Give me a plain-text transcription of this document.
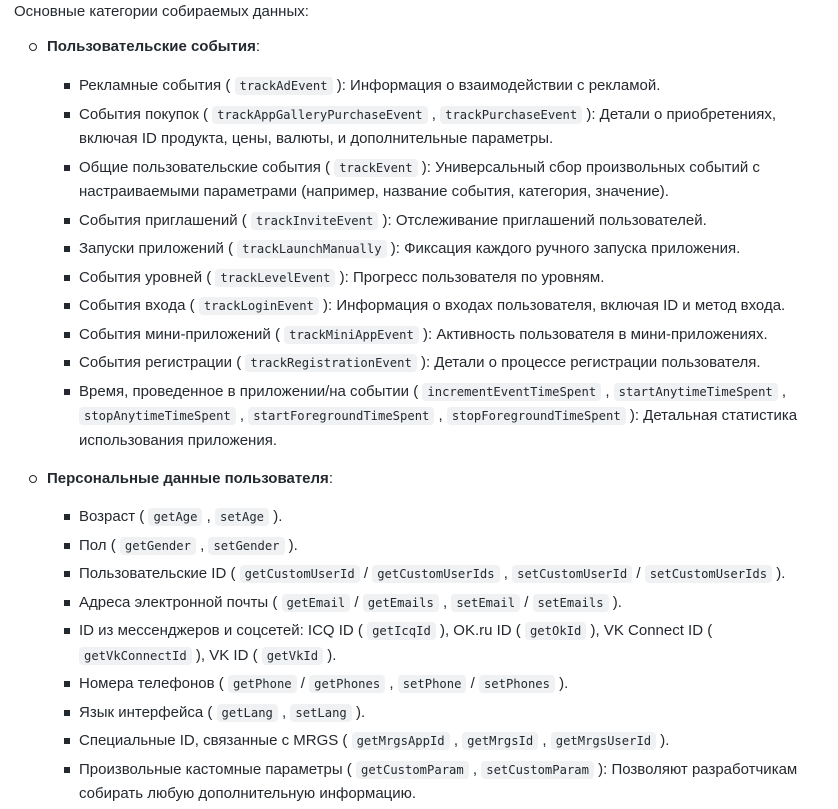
Основные категории собираемых данных:

Пользовательские события:
Рекламные события ( trackAdEvent ): Информация о взаимодействии с рекламой.
События покупок ( trackAppGalleryPurchaseEvent , trackPurchaseEvent ): Детали о приобретениях, включая ID продукта, цены, валюты, и дополнительные параметры.
Общие пользовательские события ( trackEvent ): Универсальный сбор произвольных событий с настраиваемыми параметрами (например, название события, категория, значение).
События приглашений ( trackInviteEvent ): Отслеживание приглашений пользователей.
Запуски приложений ( trackLaunchManually ): Фиксация каждого ручного запуска приложения.
События уровней ( trackLevelEvent ): Прогресс пользователя по уровням.
События входа ( trackLoginEvent ): Информация о входах пользователя, включая ID и метод входа.
События мини-приложений ( trackMiniAppEvent ): Активность пользователя в мини-приложениях.
События регистрации ( trackRegistrationEvent ): Детали о процессе регистрации пользователя.
Время, проведенное в приложении/на событии ( incrementEventTimeSpent , startAnytimeTimeSpent , stopAnytimeTimeSpent , startForegroundTimeSpent , stopForegroundTimeSpent ): Детальная статистика использования приложения.
Персональные данные пользователя:
Возраст ( getAge , setAge ).
Пол ( getGender , setGender ).
Пользовательские ID ( getCustomUserId / getCustomUserIds , setCustomUserId / setCustomUserIds ).
Адреса электронной почты ( getEmail / getEmails , setEmail / setEmails ).
ID из мессенджеров и соцсетей: ICQ ID ( getIcqId ), OK.ru ID ( getOkId ), VK Connect ID ( getVkConnectId ), VK ID ( getVkId ).
Номера телефонов ( getPhone / getPhones , setPhone / setPhones ).
Язык интерфейса ( getLang , setLang ).
Специальные ID, связанные с MRGS ( getMrgsAppId , getMrgsId , getMrgsUserId ).
Произвольные кастомные параметры ( getCustomParam , setCustomParam ): Позволяют разработчикам собирать любую дополнительную информацию.
